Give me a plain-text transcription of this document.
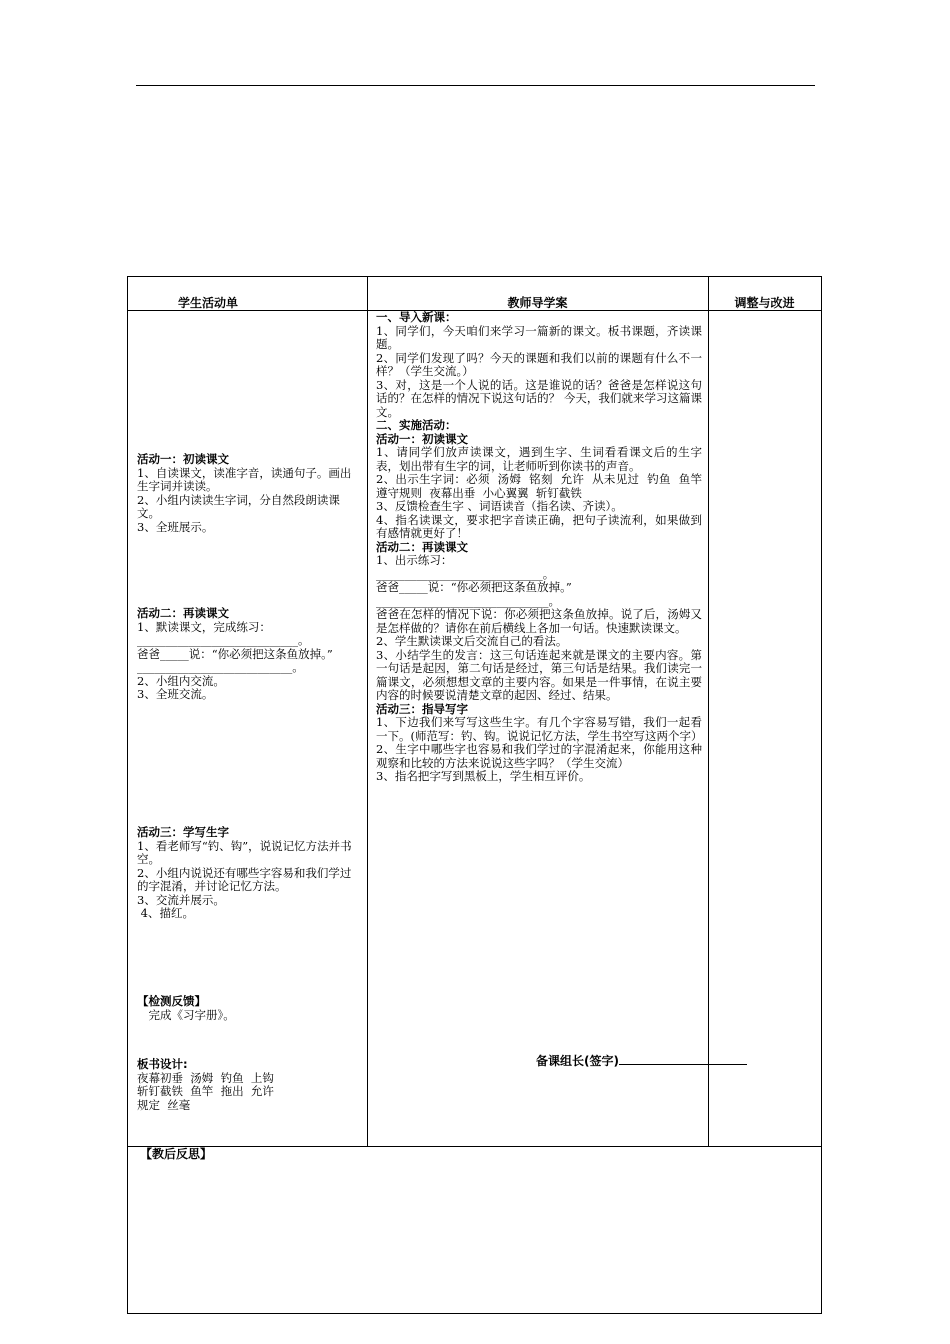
学生活动单	教师导学案	调整与改进

活动一：初读课文

1、自读课文，读准字音，读通句子。画出生字词并读读。

2、小组内读读生字词，分自然段朗读课文。

3、全班展示。

活动二：再读课文

1、默读课文，完成练习：

____________________________。

爸爸_____说：“你必须把这条鱼放掉。”

___________________________。

2、小组内交流。

3、全班交流。

活动三：学写生字

1、看老师写“钓、钩”，说说记忆方法并书空。

2、小组内说说还有哪些字容易和我们学过的字混淆，并讨论记忆方法。

3、交流并展示。

4、描红。

【检测反馈】

　完成《习字册》。

板书设计:

夜幕初垂  汤姆  钓鱼  上钩

斩钉截铁  鱼竿  拖出  允许

规定  丝毫

一、导入新课：

1、同学们，今天咱们来学习一篇新的课文。板书课题，齐读课题。

2、同学们发现了吗？今天的课题和我们以前的课题有什么不一样？（学生交流。）

3、对，这是一个人说的话。这是谁说的话？爸爸是怎样说这句话的？在怎样的情况下说这句话的？ 今天，我们就来学习这篇课文。

二、实施活动：

活动一：初读课文

1、请同学们放声读课文，遇到生字、生词看看课文后的生字表，划出带有生字的词，让老师听到你读书的声音。

2、出示生字词：必须  汤姆  铭刻  允许  从未见过  钓鱼  鱼竿  遵守规则  夜幕出垂  小心翼翼  斩钉截铁

3、反馈检查生字 、词语读音（指名读、齐读）。

4、指名读课文，要求把字音读正确，把句子读流利，如果做到有感情就更好了！

活动二：再读课文

1、出示练习：

_____________________________。

爸爸_____说：“你必须把这条鱼放掉。”

______________________________。

爸爸在怎样的情况下说：你必须把这条鱼放掉。说了后，汤姆又是怎样做的？请你在前后横线上各加一句话。快速默读课文。

2、学生默读课文后交流自己的看法。

3、小结学生的发言：这三句话连起来就是课文的主要内容。第一句话是起因，第二句话是经过，第三句话是结果。我们读完一篇课文，必须想想文章的主要内容。如果是一件事情，在说主要内容的时候要说清楚文章的起因、经过、结果。

活动三：指导写字

1、下边我们来写写这些生字。有几个字容易写错，我们一起看一下。(师范写：钓、钩。说说记忆方法，学生书空写这两个字）

2、生字中哪些字也容易和我们学过的字混淆起来，你能用这种观察和比较的方法来说说这些字吗？（学生交流）

3、指名把字写到黑板上，学生相互评价。

备课组长(签字)
【教后反思】
